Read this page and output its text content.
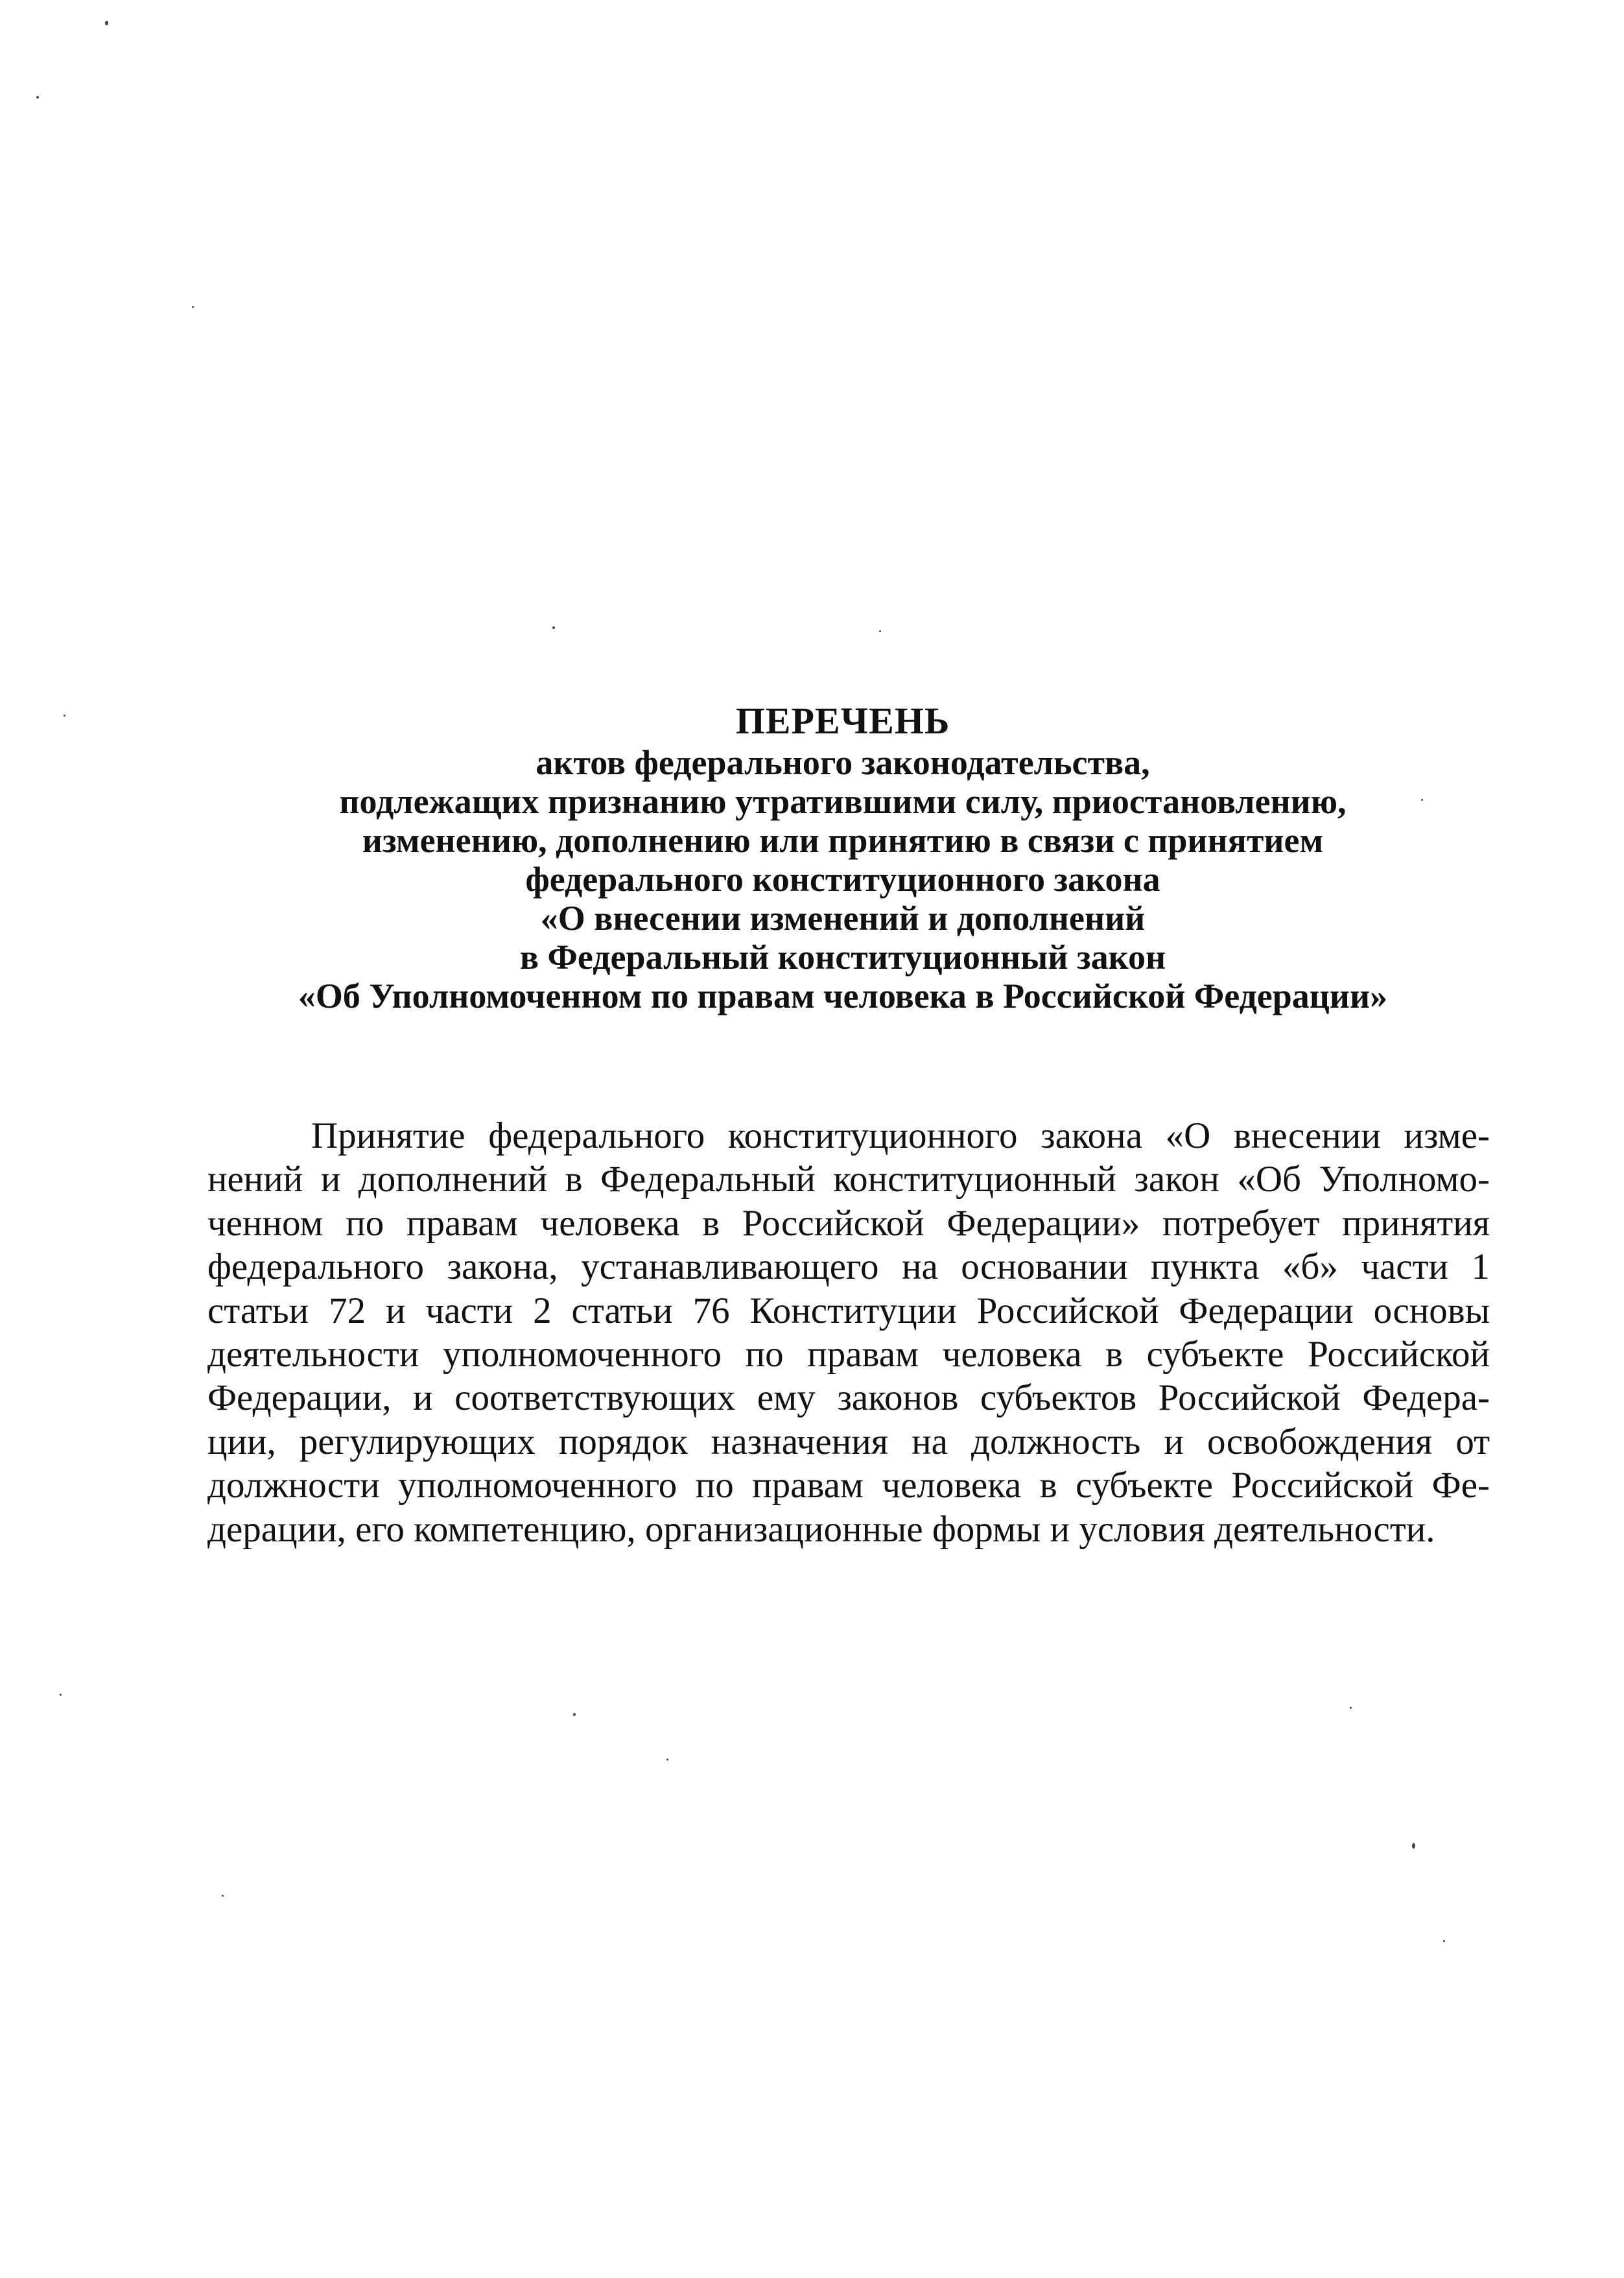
ПЕРЕЧЕНЬ
актов федерального законодательства,
подлежащих признанию утратившими силу, приостановлению,
изменению, дополнению или принятию в связи с принятием
федерального конституционного закона
«О внесении изменений и дополнений
в Федеральный конституционный закон
«Об Уполномоченном по правам человека в Российской Федерации»
Принятие федерального конституционного закона «О внесении изме-
нений и дополнений в Федеральный конституционный закон «Об Уполномо-
ченном по правам человека в Российской Федерации» потребует принятия
федерального закона, устанавливающего на основании пункта «б» части 1
статьи 72 и части 2 статьи 76 Конституции Российской Федерации основы
деятельности уполномоченного по правам человека в субъекте Российской
Федерации, и соответствующих ему законов субъектов Российской Федера-
ции, регулирующих порядок назначения на должность и освобождения от
должности уполномоченного по правам человека в субъекте Российской Фе-
дерации, его компетенцию, организационные формы и условия деятельности.
